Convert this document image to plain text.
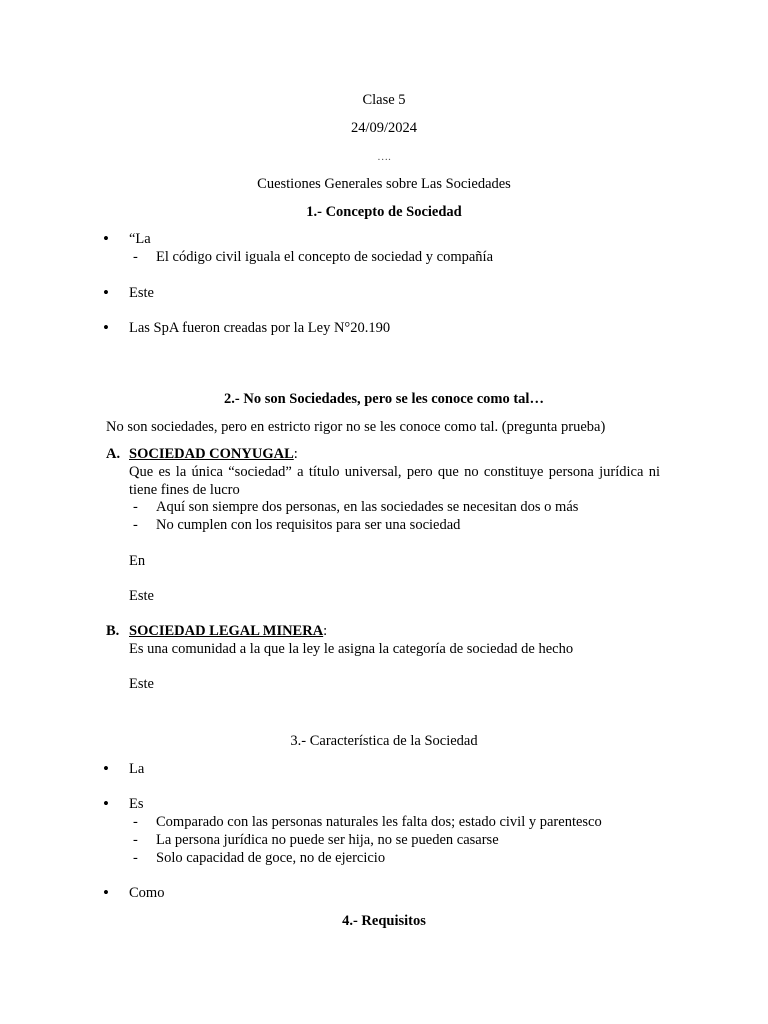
Clase 5
24/09/2024
….
Cuestiones Generales sobre Las Sociedades
1.- Concepto de Sociedad
• “La
- El código civil iguala el concepto de sociedad y compañía
• Este
• Las SpA fueron creadas por la Ley N°20.190
2.- No son Sociedades, pero se les conoce como tal…
No son sociedades, pero en estricto rigor no se les conoce como tal. (pregunta prueba)
A. SOCIEDAD CONYUGAL:
Que es la única “sociedad” a título universal, pero que no constituye persona jurídica ni tiene fines de lucro
- Aquí son siempre dos personas, en las sociedades se necesitan dos o más
- No cumplen con los requisitos para ser una sociedad
En
Este
B. SOCIEDAD LEGAL MINERA:
Es una comunidad a la que la ley le asigna la categoría de sociedad de hecho
Este
3.- Característica de la Sociedad
• La
• Es
- Comparado con las personas naturales les falta dos; estado civil y parentesco
- La persona jurídica no puede ser hija, no se pueden casarse
- Solo capacidad de goce, no de ejercicio
• Como
4.- Requisitos
